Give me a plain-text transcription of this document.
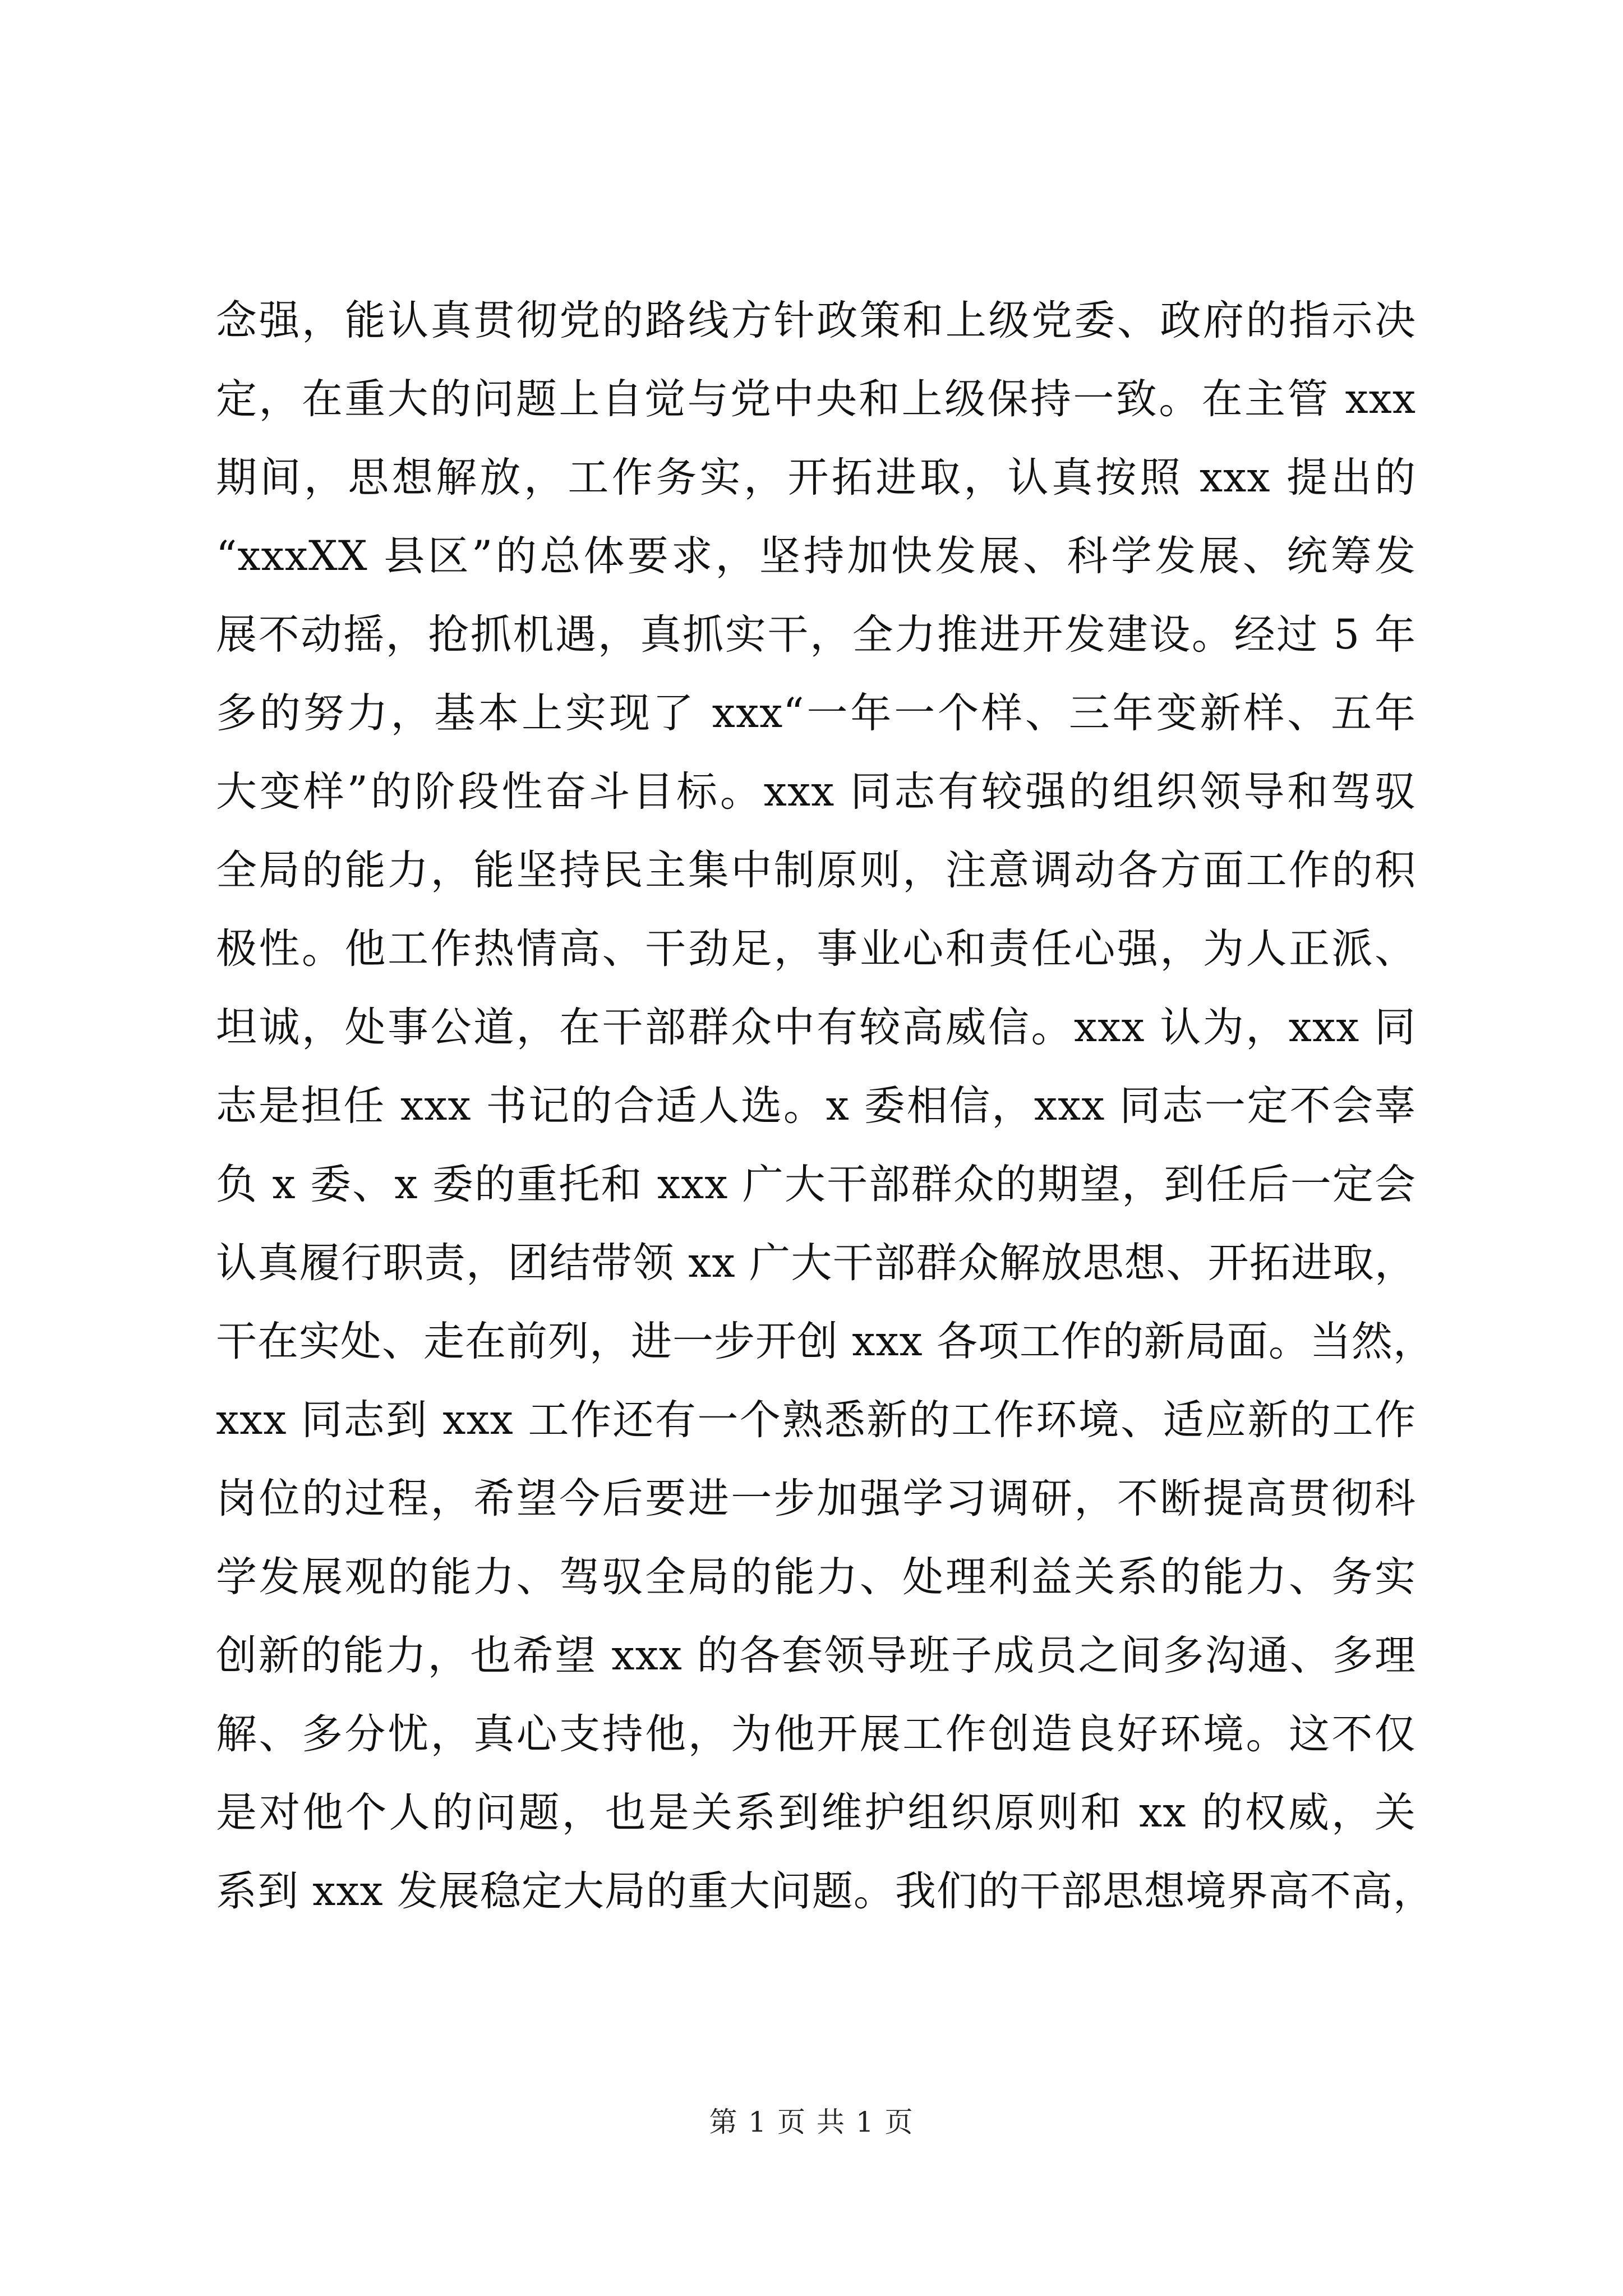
念强，能认真贯彻党的路线方针政策和上级党委、政府的指示决
定，在重大的问题上自觉与党中央和上级保持一致。在主管 xxx
期间，思想解放，工作务实，开拓进取，认真按照 xxx 提出的
“xxxXX 县区”的总体要求，坚持加快发展、科学发展、统筹发
展不动摇，抢抓机遇，真抓实干，全力推进开发建设。经过 5 年
多的努力，基本上实现了 xxx“一年一个样、三年变新样、五年
大变样”的阶段性奋斗目标。xxx 同志有较强的组织领导和驾驭
全局的能力，能坚持民主集中制原则，注意调动各方面工作的积
极性。他工作热情高、干劲足，事业心和责任心强，为人正派、
坦诚，处事公道，在干部群众中有较高威信。xxx 认为，xxx 同
志是担任 xxx 书记的合适人选。x 委相信，xxx 同志一定不会辜
负 x 委、x 委的重托和 xxx 广大干部群众的期望，到任后一定会
认真履行职责，团结带领 xx 广大干部群众解放思想、开拓进取，
干在实处、走在前列，进一步开创 xxx 各项工作的新局面。当然，
xxx 同志到 xxx 工作还有一个熟悉新的工作环境、适应新的工作
岗位的过程，希望今后要进一步加强学习调研，不断提高贯彻科
学发展观的能力、驾驭全局的能力、处理利益关系的能力、务实
创新的能力，也希望 xxx 的各套领导班子成员之间多沟通、多理
解、多分忧，真心支持他，为他开展工作创造良好环境。这不仅
是对他个人的问题，也是关系到维护组织原则和 xx 的权威，关
系到 xxx 发展稳定大局的重大问题。我们的干部思想境界高不高，
第 1 页 共 1 页
